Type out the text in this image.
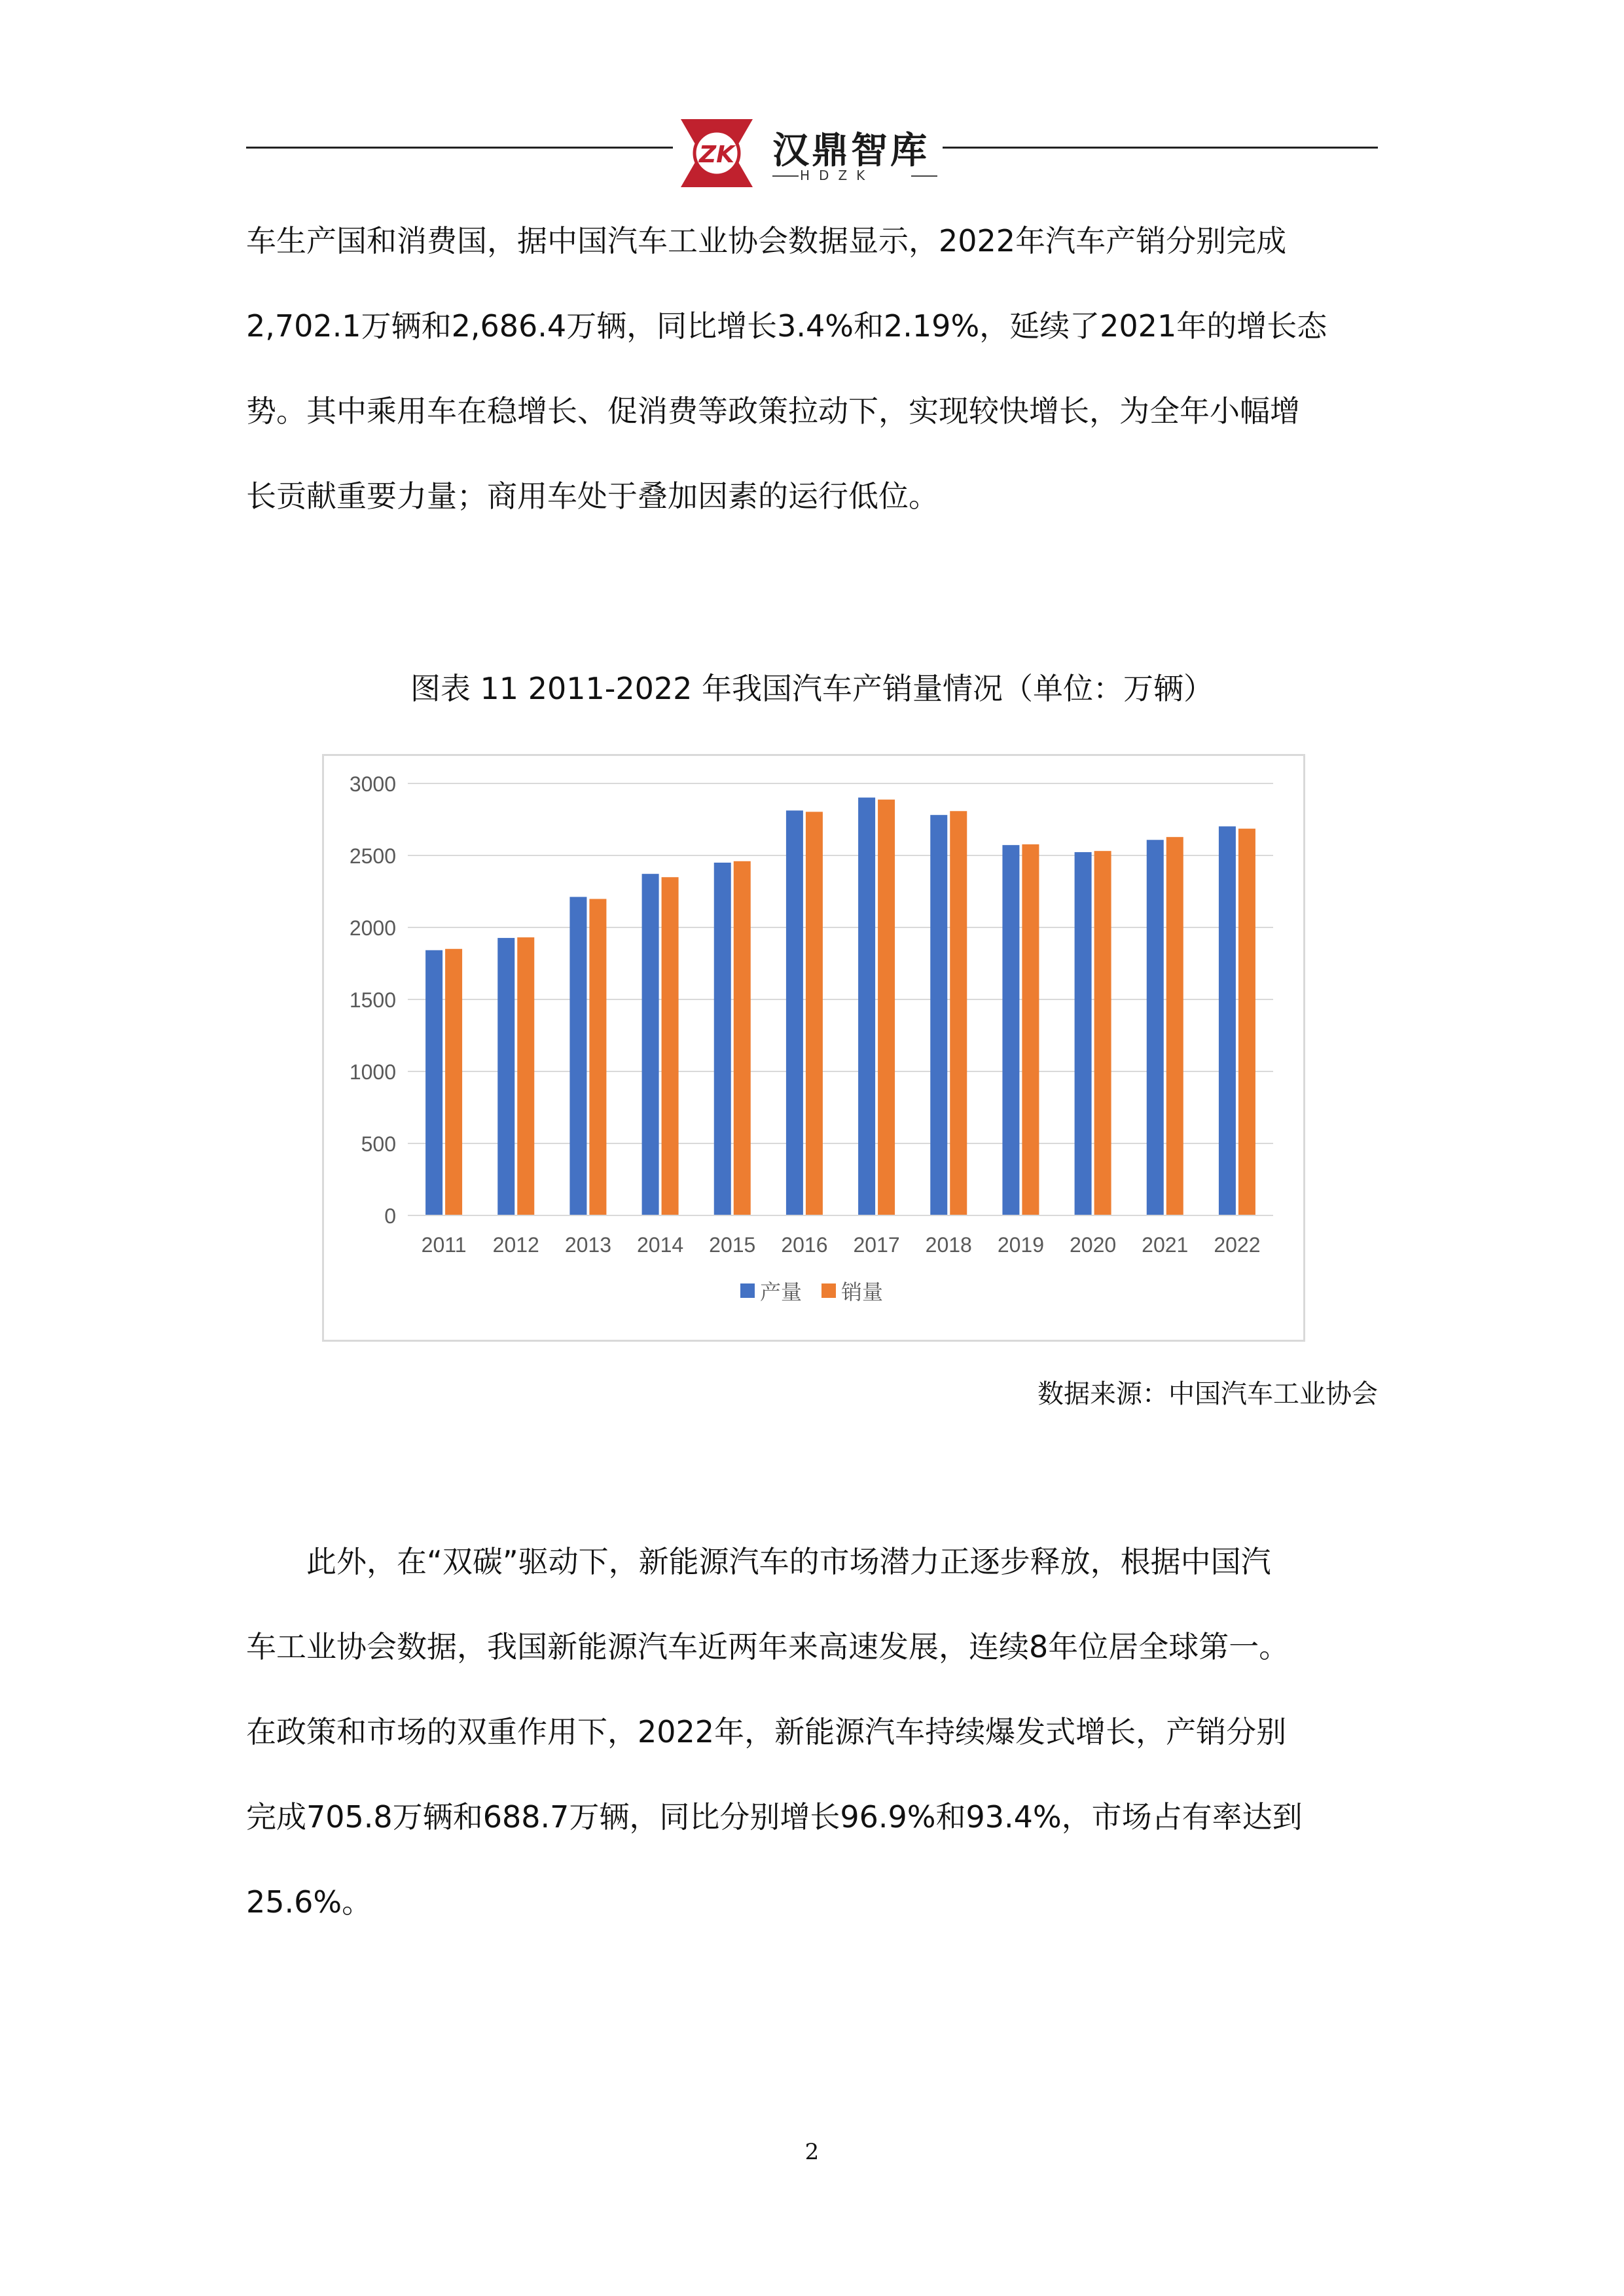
ZK 汉鼎智库
HDZK
车生产国和消费国，据中国汽车工业协会数据显示，2022年汽车产销分别完成
2,702.1万辆和2,686.4万辆，同比增长3.4%和2.19%，延续了2021年的增长态
势。其中乘用车在稳增长、促消费等政策拉动下，实现较快增长，为全年小幅增
长贡献重要力量；商用车处于叠加因素的运行低位。
图表 11 2011-2022 年我国汽车产销量情况（单位：万辆）
0
500
1000
1500
2000
2500
3000
2011 2012 2013 2014 2015 2016 2017 2018 2019 2020 2021 2022
产量 销量
数据来源：中国汽车工业协会
此外，在“双碳”驱动下，新能源汽车的市场潜力正逐步释放，根据中国汽
车工业协会数据，我国新能源汽车近两年来高速发展，连续8年位居全球第一。
在政策和市场的双重作用下，2022年，新能源汽车持续爆发式增长，产销分别
完成705.8万辆和688.7万辆，同比分别增长96.9%和93.4%，市场占有率达到
25.6%。
2
